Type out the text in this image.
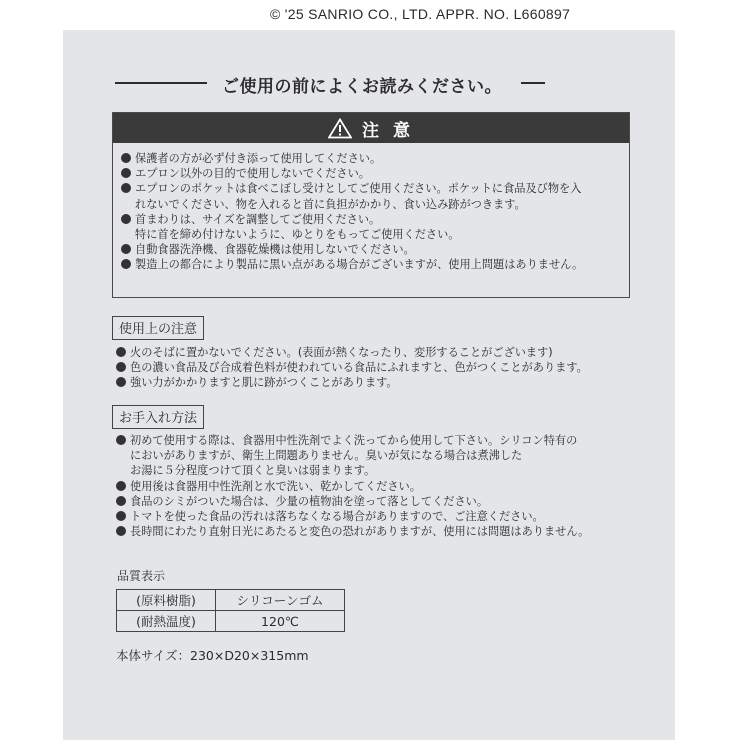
© '25 SANRIO CO., LTD. APPR. NO. L660897
ご使用の前によくお読みください。
注 意
保護者の方が必ず付き添って使用してください。
エプロン以外の目的で使用しないでください。
エプロンのポケットは食べこぼし受けとしてご使用ください。ポケットに食品及び物を入
れないでください、物を入れると首に負担がかかり、食い込み跡がつきます。
首まわりは、サイズを調整してご使用ください。
特に首を締め付けないように、ゆとりをもってご使用ください。
自動食器洗浄機、食器乾燥機は使用しないでください。
製造上の都合により製品に黒い点がある場合がございますが、使用上問題はありません。
使用上の注意
火のそばに置かないでください。(表面が熱くなったり、変形することがございます)
色の濃い食品及び合成着色料が使われている食品にふれますと、色がつくことがあります。
強い力がかかりますと肌に跡がつくことがあります。
お手入れ方法
初めて使用する際は、食器用中性洗剤でよく洗ってから使用して下さい。シリコン特有の
においがありますが、衛生上問題ありません。臭いが気になる場合は煮沸した
お湯に５分程度つけて頂くと臭いは弱まります。
使用後は食器用中性洗剤と水で洗い、乾かしてください。
食品のシミがついた場合は、少量の植物油を塗って落としてください。
トマトを使った食品の汚れは落ちなくなる場合がありますので、ご注意ください。
長時間にわたり直射日光にあたると変色の恐れがありますが、使用には問題はありません。
品質表示
(原料樹脂)	シリコーンゴム
(耐熱温度)	120℃
本体サイズ：230×D20×315mm
